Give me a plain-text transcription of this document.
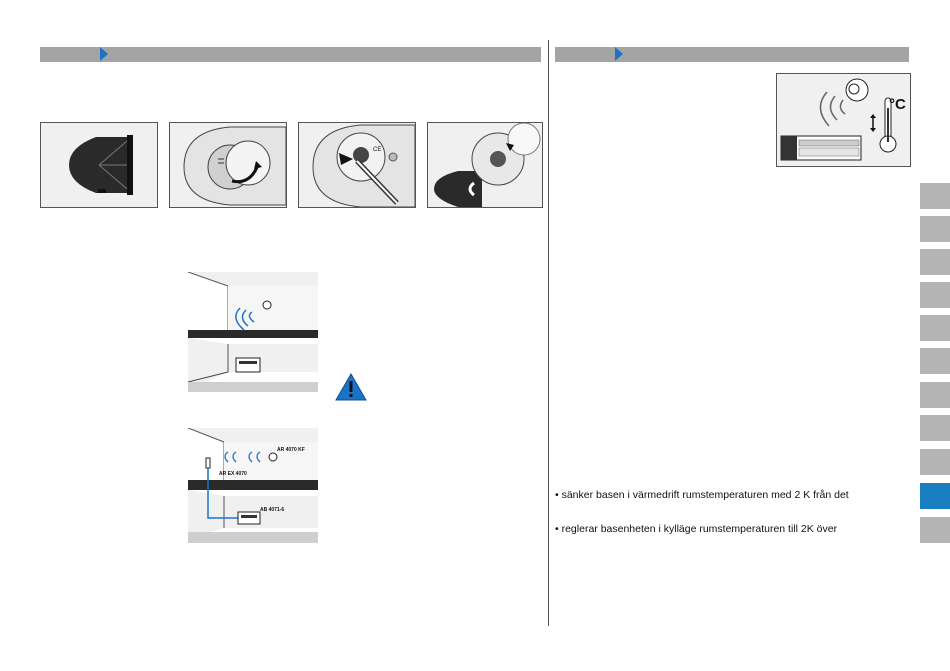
CE
AR 4070 KF
AR EX 4070
AB 4071-6
°C
• sänker basen i värmedrift rumstemperaturen med 2 K från det
• reglerar basenheten i kylläge rumstemperaturen till 2K över
